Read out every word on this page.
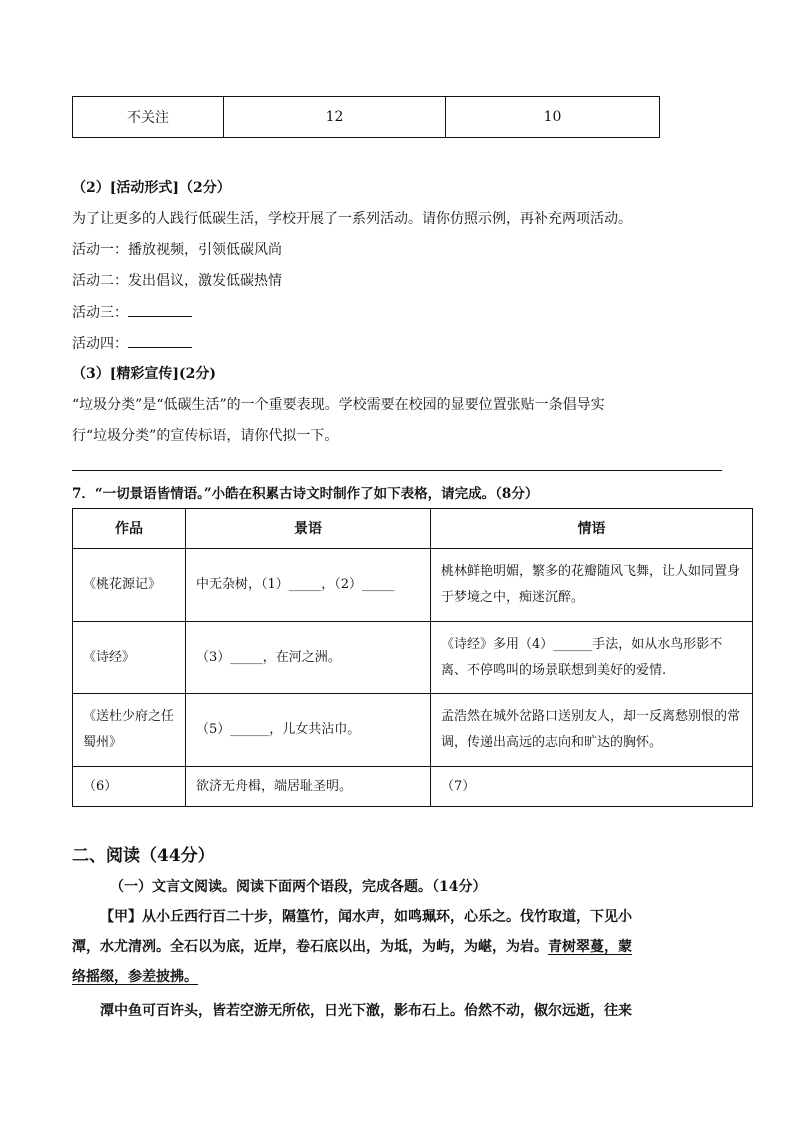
不关注	12	10
（2）[活动形式]（2分）
为了让更多的人践行低碳生活，学校开展了一系列活动。请你仿照示例，再补充两项活动。
活动一：播放视频，引领低碳风尚
活动二：发出倡议，激发低碳热情
活动三：
活动四：
（3）[精彩宣传](2分)
“垃圾分类”是“低碳生活”的一个重要表现。学校需要在校园的显要位置张贴一条倡导实
行“垃圾分类”的宣传标语，请你代拟一下。
7．“一切景语皆情语。”小皓在积累古诗文时制作了如下表格，请完成。（8分）
作品	景语	情语
《桃花源记》	中无杂树，（1）_____，（2）_____	桃林鲜艳明媚，繁多的花瓣随风飞舞，让人如同置身于梦境之中，痴迷沉醉。
《诗经》	（3）_____，在河之洲。	《诗经》多用（4）______手法，如从水鸟形影不离、不停鸣叫的场景联想到美好的爱情.
《送杜少府之任蜀州》	（5）______，儿女共沾巾。	孟浩然在城外岔路口送别友人，却一反离愁别恨的常调，传递出高远的志向和旷达的胸怀。
（6）	欲济无舟楫，端居耻圣明。	（7）
二、阅读（44分）
（一）文言文阅读。阅读下面两个语段，完成各题。（14分）
【甲】从小丘西行百二十步，隔篁竹，闻水声，如鸣珮环，心乐之。伐竹取道，下见小
潭，水尤清冽。全石以为底，近岸，卷石底以出，为坻，为屿，为嵁，为岩。青树翠蔓，蒙
络摇缀，参差披拂。
潭中鱼可百许头，皆若空游无所依，日光下澈，影布石上。佁然不动，俶尔远逝，往来
